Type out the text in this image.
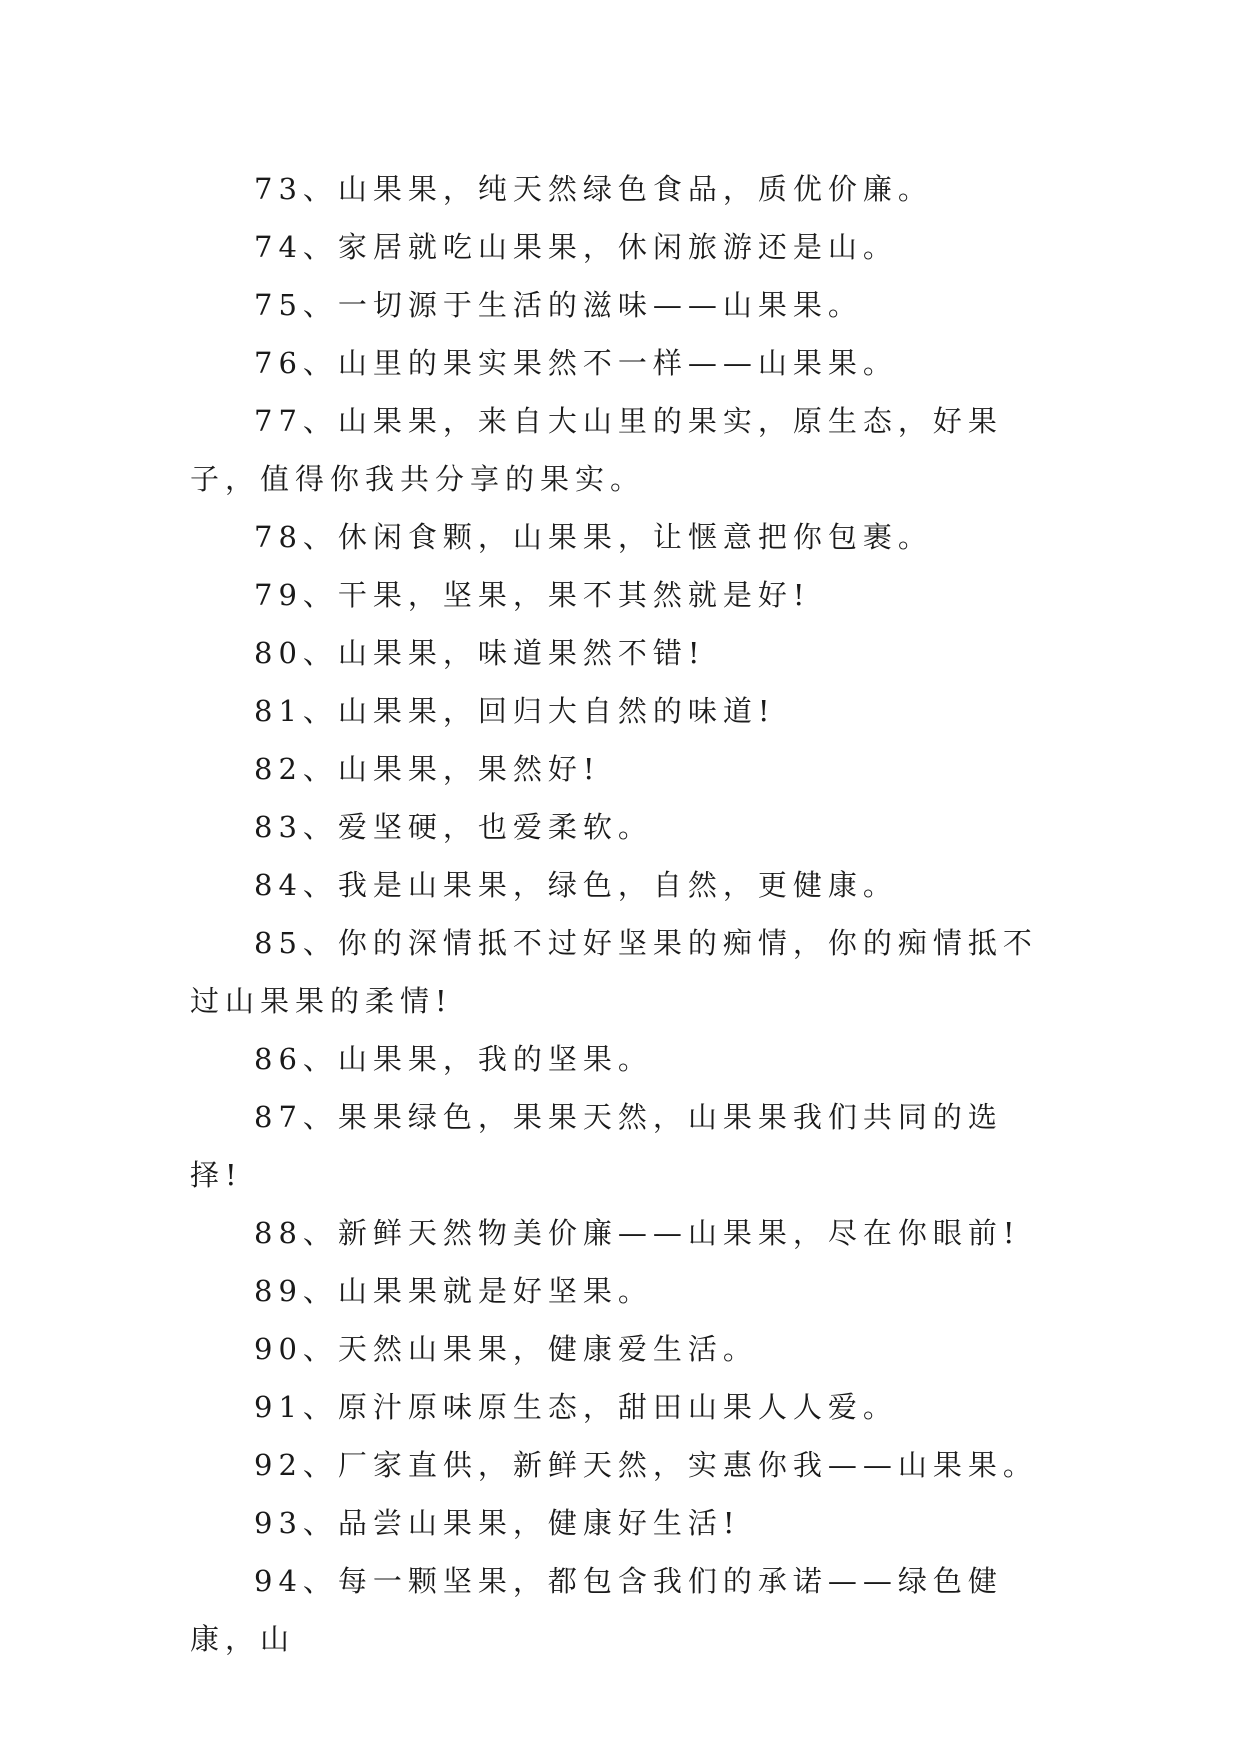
73、山果果，纯天然绿色食品，质优价廉。

74、家居就吃山果果，休闲旅游还是山。

75、一切源于生活的滋味——山果果。

76、山里的果实果然不一样——山果果。

77、山果果，来自大山里的果实，原生态，好果子，值得你我共分享的果实。

78、休闲食颗，山果果，让惬意把你包裹。

79、干果，坚果，果不其然就是好!

80、山果果，味道果然不错!

81、山果果，回归大自然的味道!

82、山果果，果然好!

83、爱坚硬，也爱柔软。

84、我是山果果，绿色，自然，更健康。

85、你的深情抵不过好坚果的痴情，你的痴情抵不过山果果的柔情!

86、山果果，我的坚果。

87、果果绿色，果果天然，山果果我们共同的选择!

88、新鲜天然物美价廉——山果果，尽在你眼前!

89、山果果就是好坚果。

90、天然山果果，健康爱生活。

91、原汁原味原生态，甜田山果人人爱。

92、厂家直供，新鲜天然，实惠你我——山果果。

93、品尝山果果，健康好生活!

94、每一颗坚果，都包含我们的承诺——绿色健康，山
